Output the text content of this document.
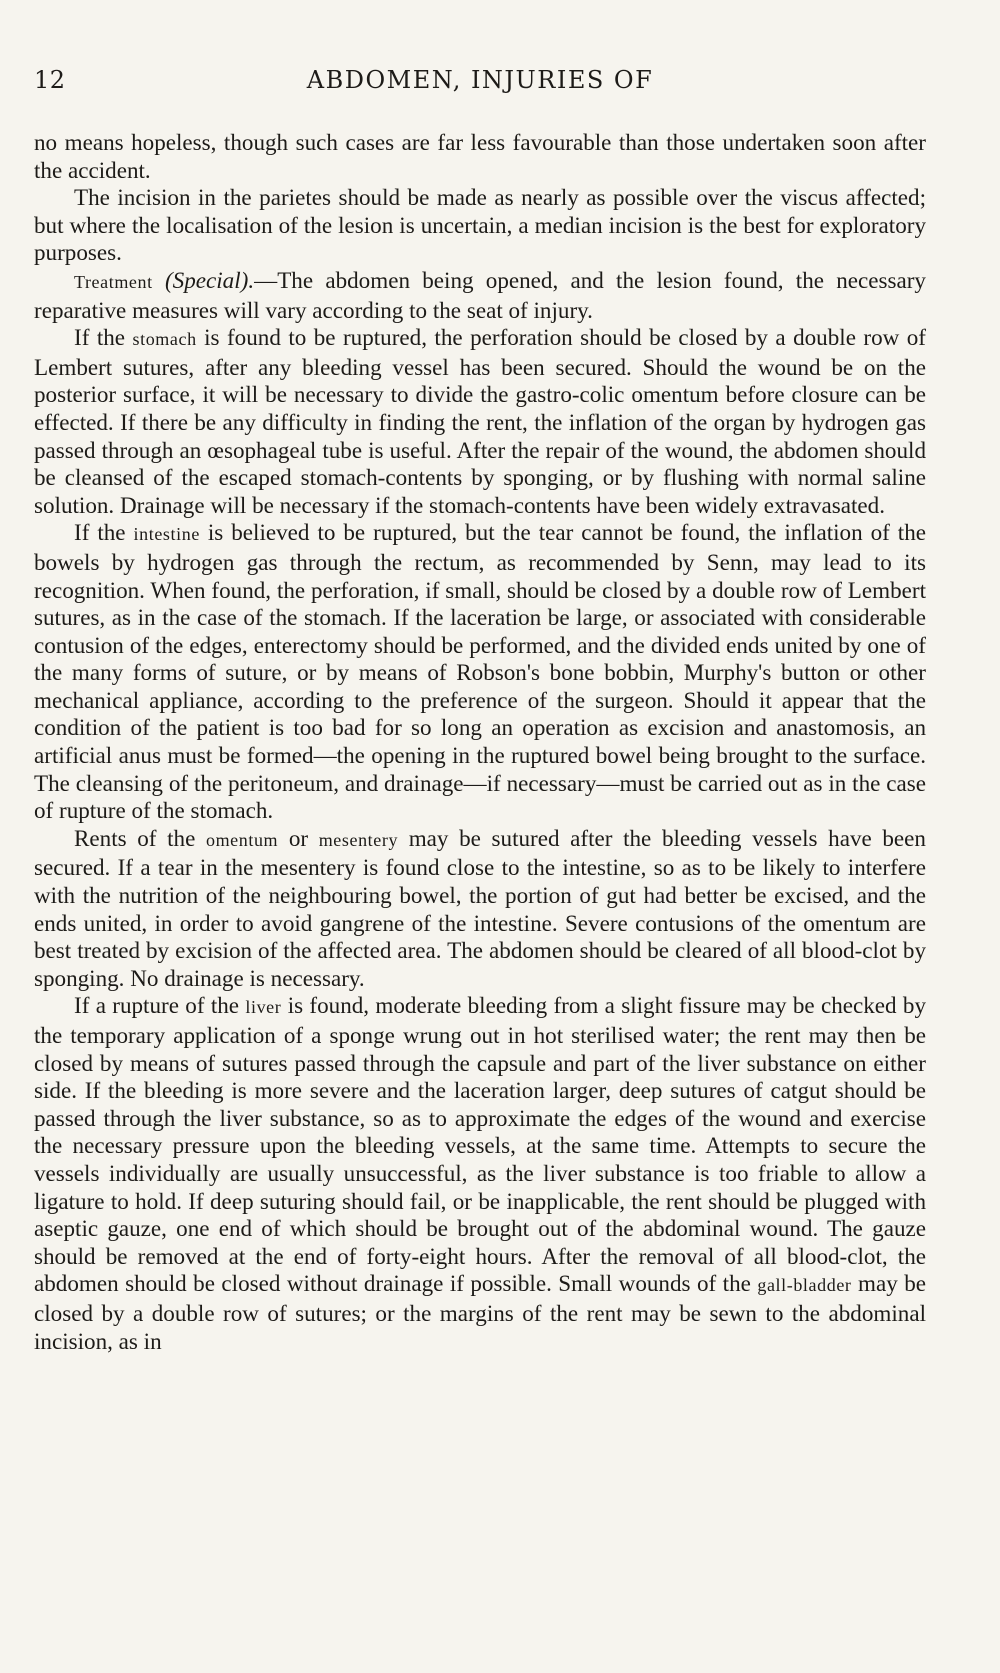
12	ABDOMEN, INJURIES OF

no means hopeless, though such cases are far less favourable than those undertaken soon after the accident.

The incision in the parietes should be made as nearly as possible over the viscus affected; but where the localisation of the lesion is uncertain, a median incision is the best for exploratory purposes.

Treatment (Special).—The abdomen being opened, and the lesion found, the necessary reparative measures will vary according to the seat of injury.

If the stomach is found to be ruptured, the perforation should be closed by a double row of Lembert sutures, after any bleeding vessel has been secured. Should the wound be on the posterior surface, it will be necessary to divide the gastro-colic omentum before closure can be effected. If there be any difficulty in finding the rent, the inflation of the organ by hydrogen gas passed through an œsophageal tube is useful. After the repair of the wound, the abdomen should be cleansed of the escaped stomach-contents by sponging, or by flushing with normal saline solution. Drainage will be necessary if the stomach-contents have been widely extravasated.

If the intestine is believed to be ruptured, but the tear cannot be found, the inflation of the bowels by hydrogen gas through the rectum, as recommended by Senn, may lead to its recognition. When found, the perforation, if small, should be closed by a double row of Lembert sutures, as in the case of the stomach. If the laceration be large, or associated with considerable contusion of the edges, enterectomy should be performed, and the divided ends united by one of the many forms of suture, or by means of Robson's bone bobbin, Murphy's button or other mechanical appliance, according to the preference of the surgeon. Should it appear that the condition of the patient is too bad for so long an operation as excision and anastomosis, an artificial anus must be formed—the opening in the ruptured bowel being brought to the surface. The cleansing of the peritoneum, and drainage—if necessary—must be carried out as in the case of rupture of the stomach.

Rents of the omentum or mesentery may be sutured after the bleeding vessels have been secured. If a tear in the mesentery is found close to the intestine, so as to be likely to interfere with the nutrition of the neighbouring bowel, the portion of gut had better be excised, and the ends united, in order to avoid gangrene of the intestine. Severe contusions of the omentum are best treated by excision of the affected area. The abdomen should be cleared of all blood-clot by sponging. No drainage is necessary.

If a rupture of the liver is found, moderate bleeding from a slight fissure may be checked by the temporary application of a sponge wrung out in hot sterilised water; the rent may then be closed by means of sutures passed through the capsule and part of the liver substance on either side. If the bleeding is more severe and the laceration larger, deep sutures of catgut should be passed through the liver substance, so as to approximate the edges of the wound and exercise the necessary pressure upon the bleeding vessels, at the same time. Attempts to secure the vessels individually are usually unsuccessful, as the liver substance is too friable to allow a ligature to hold. If deep suturing should fail, or be inapplicable, the rent should be plugged with aseptic gauze, one end of which should be brought out of the abdominal wound. The gauze should be removed at the end of forty-eight hours. After the removal of all blood-clot, the abdomen should be closed without drainage if possible. Small wounds of the gall-bladder may be closed by a double row of sutures; or the margins of the rent may be sewn to the abdominal incision, as in
